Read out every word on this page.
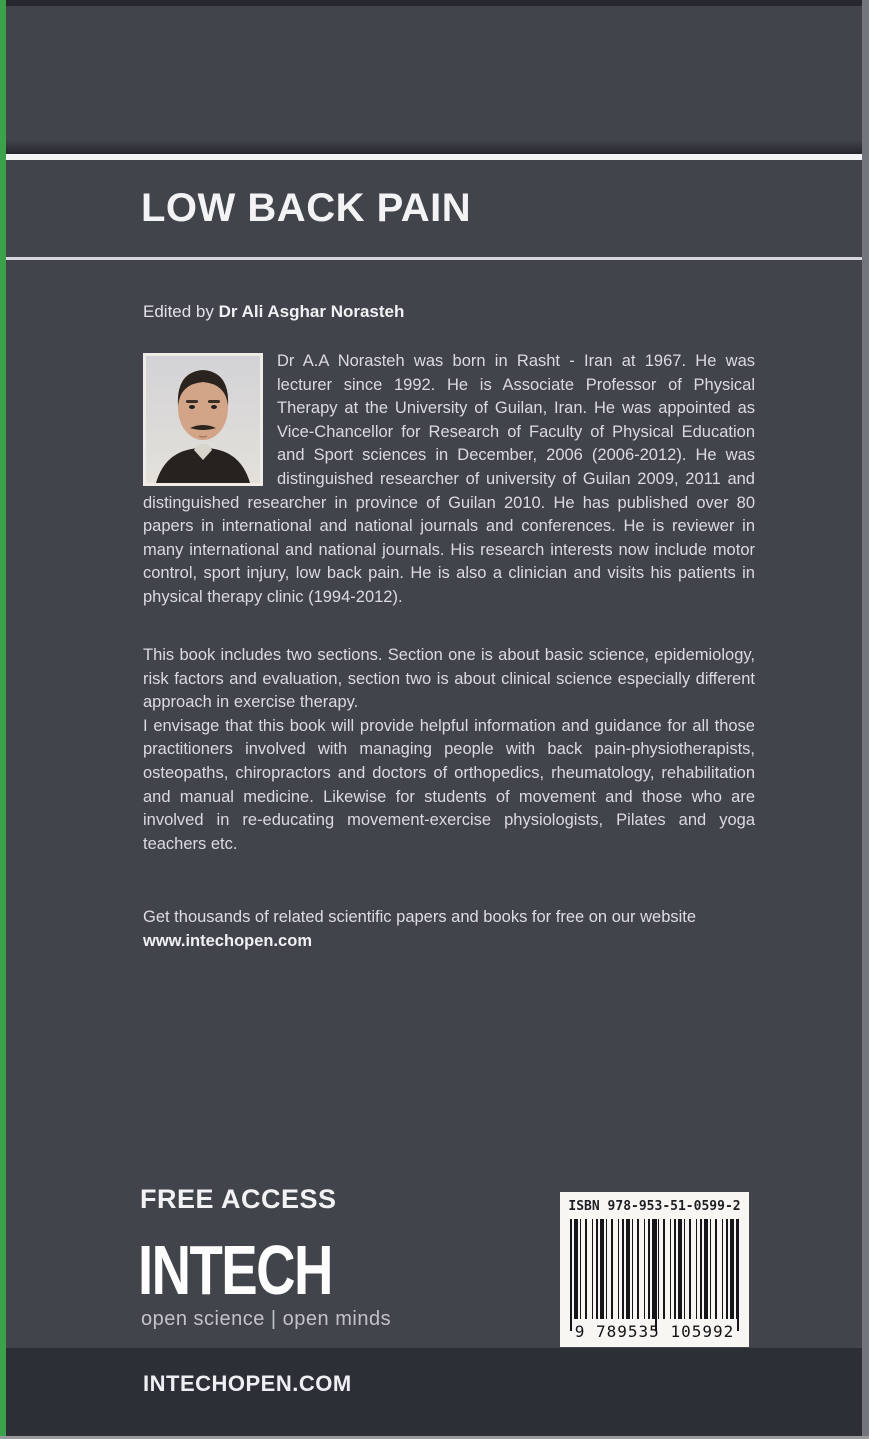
LOW BACK PAIN
Edited by Dr Ali Asghar Norasteh
Dr A.A Norasteh was born in Rasht - Iran at 1967. He was lecturer since 1992. He is Associate Professor of Physical Therapy at the University of Guilan, Iran. He was appointed as Vice-Chancellor for Research of Faculty of Physical Education and Sport sciences in December, 2006 (2006-2012). He was distinguished researcher of university of Guilan 2009, 2011 and distinguished researcher in province of Guilan 2010. He has published over 80 papers in international and national journals and conferences. He is reviewer in many international and national journals. His research interests now include motor control, sport injury, low back pain. He is also a clinician and visits his patients in physical therapy clinic (1994-2012).

This book includes two sections. Section one is about basic science, epidemiology, risk factors and evaluation, section two is about clinical science especially different approach in exercise therapy.

I envisage that this book will provide helpful information and guidance for all those practitioners involved with managing people with back pain-physiotherapists, osteopaths, chiropractors and doctors of orthopedics, rheumatology, rehabilitation and manual medicine. Likewise for students of movement and those who are involved in re-educating movement-exercise physiologists, Pilates and yoga teachers etc.

Get thousands of related scientific papers and books for free on our website
www.intechopen.com
FREE ACCESS
INTECH
open science | open minds
ISBN 978-953-51-0599-2
9 789535 105992
INTECHOPEN.COM
